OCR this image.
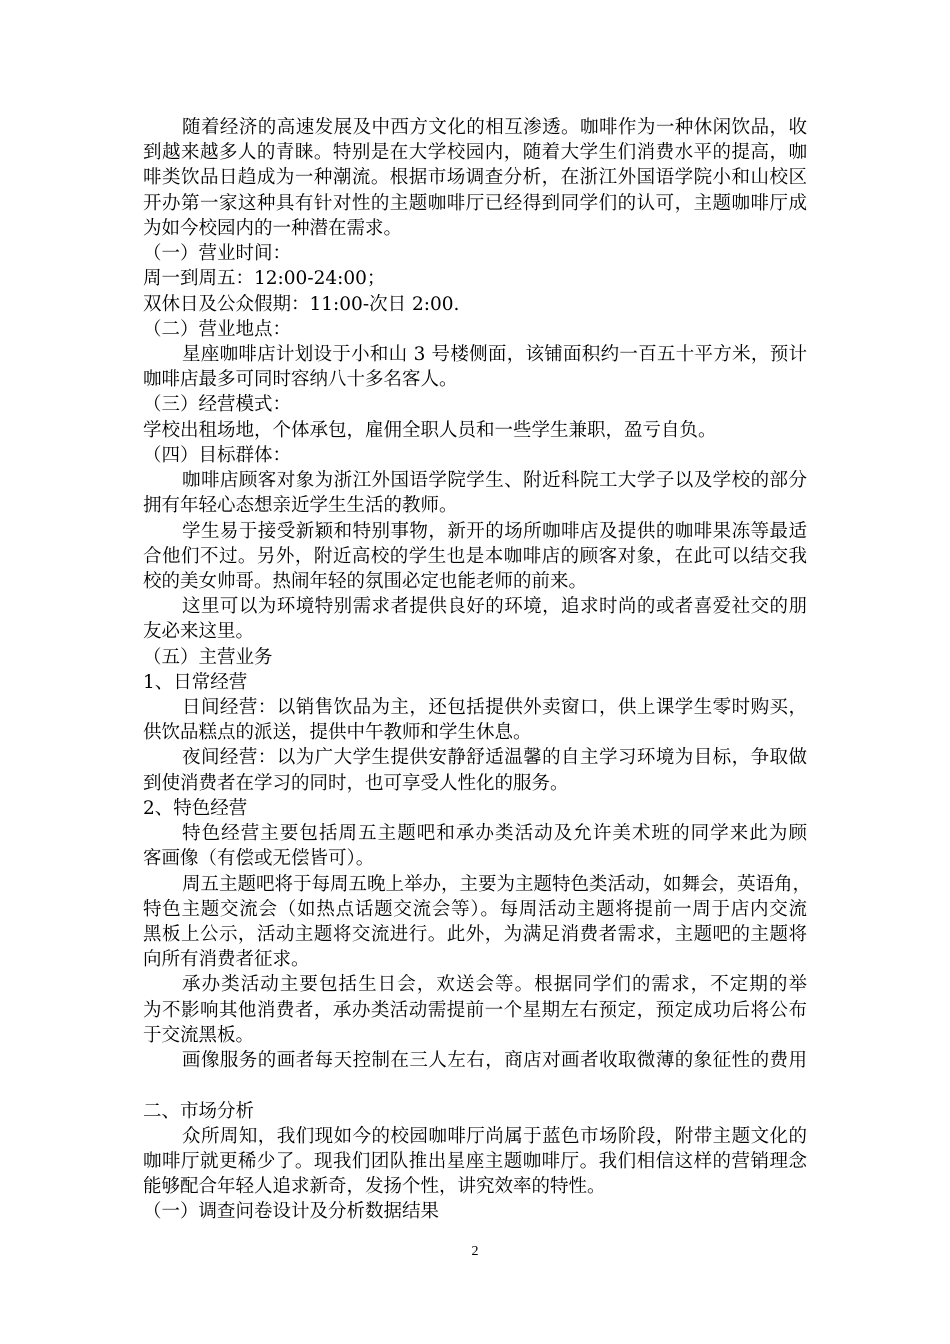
随着经济的高速发展及中西方文化的相互渗透。咖啡作为一种休闲饮品，收
到越来越多人的青睐。特别是在大学校园内，随着大学生们消费水平的提高，咖
啡类饮品日趋成为一种潮流。根据市场调查分析，在浙江外国语学院小和山校区
开办第一家这种具有针对性的主题咖啡厅已经得到同学们的认可，主题咖啡厅成
为如今校园内的一种潜在需求。
（一）营业时间：
周一到周五：12:00-24:00；
双休日及公众假期：11:00-次日 2:00.
（二）营业地点：
星座咖啡店计划设于小和山 3 号楼侧面，该铺面积约一百五十平方米，预计
咖啡店最多可同时容纳八十多名客人。
（三）经营模式：
学校出租场地，个体承包，雇佣全职人员和一些学生兼职，盈亏自负。
（四）目标群体：
咖啡店顾客对象为浙江外国语学院学生、附近科院工大学子以及学校的部分
拥有年轻心态想亲近学生生活的教师。
学生易于接受新颖和特别事物，新开的场所咖啡店及提供的咖啡果冻等最适
合他们不过。另外，附近高校的学生也是本咖啡店的顾客对象，在此可以结交我
校的美女帅哥。热闹年轻的氛围必定也能老师的前来。
这里可以为环境特别需求者提供良好的环境，追求时尚的或者喜爱社交的朋
友必来这里。
（五）主营业务
1、日常经营
日间经营：以销售饮品为主，还包括提供外卖窗口，供上课学生零时购买，
供饮品糕点的派送，提供中午教师和学生休息。
夜间经营：以为广大学生提供安静舒适温馨的自主学习环境为目标，争取做
到使消费者在学习的同时，也可享受人性化的服务。
2、特色经营
特色经营主要包括周五主题吧和承办类活动及允许美术班的同学来此为顾
客画像（有偿或无偿皆可）。
周五主题吧将于每周五晚上举办，主要为主题特色类活动，如舞会，英语角，
特色主题交流会（如热点话题交流会等）。每周活动主题将提前一周于店内交流
黑板上公示，活动主题将交流进行。此外，为满足消费者需求，主题吧的主题将
向所有消费者征求。
承办类活动主要包括生日会，欢送会等。根据同学们的需求，不定期的举
为不影响其他消费者，承办类活动需提前一个星期左右预定，预定成功后将公布
于交流黑板。
画像服务的画者每天控制在三人左右，商店对画者收取微薄的象征性的费用

二、市场分析
众所周知，我们现如今的校园咖啡厅尚属于蓝色市场阶段，附带主题文化的
咖啡厅就更稀少了。现我们团队推出星座主题咖啡厅。我们相信这样的营销理念
能够配合年轻人追求新奇，发扬个性，讲究效率的特性。
（一）调查问卷设计及分析数据结果
2
